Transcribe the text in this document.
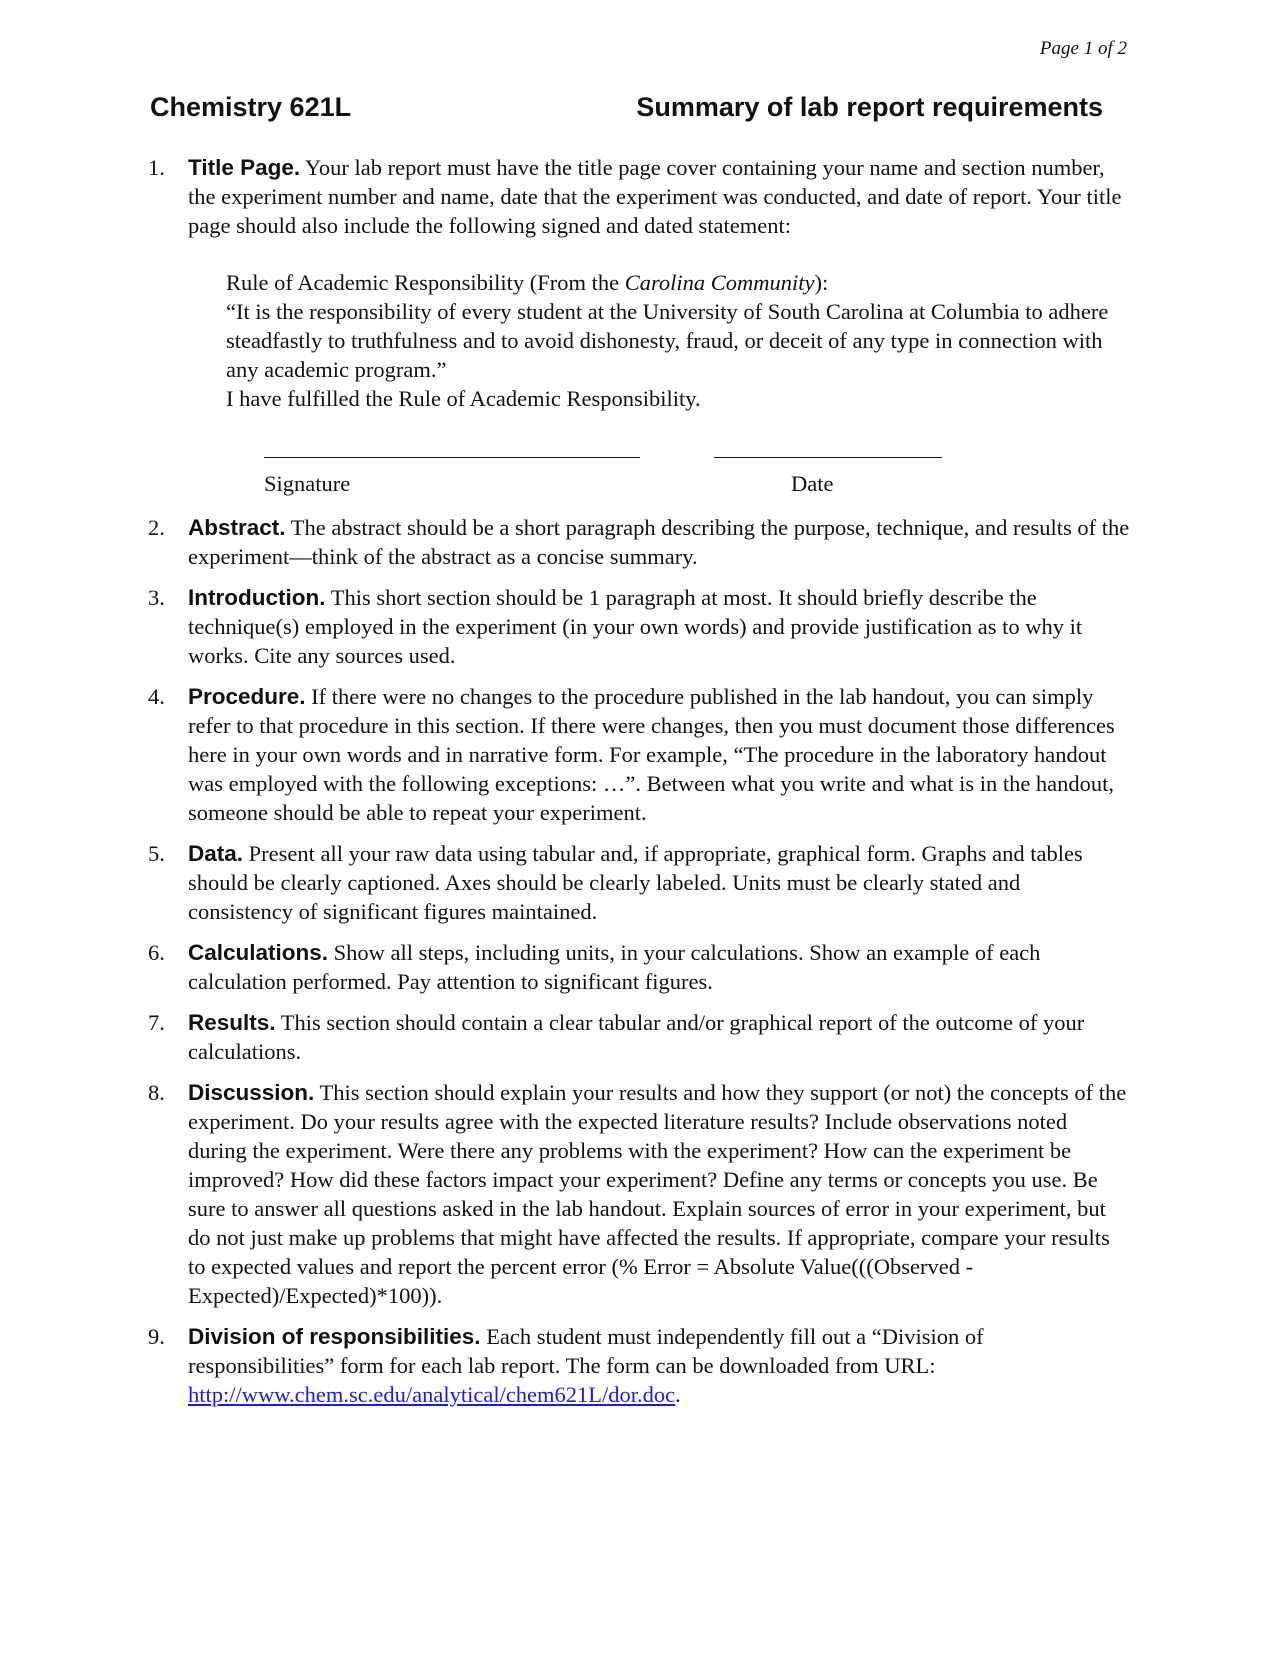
Page 1 of 2
Chemistry 621L	Summary of lab report requirements
1. Title Page. Your lab report must have the title page cover containing your name and section number, the experiment number and name, date that the experiment was conducted, and date of report. Your title page should also include the following signed and dated statement:
Rule of Academic Responsibility (From the Carolina Community):
“It is the responsibility of every student at the University of South Carolina at Columbia to adhere steadfastly to truthfulness and to avoid dishonesty, fraud, or deceit of any type in connection with any academic program.”
I have fulfilled the Rule of Academic Responsibility.
Signature	Date
2. Abstract. The abstract should be a short paragraph describing the purpose, technique, and results of the experiment—think of the abstract as a concise summary.
3. Introduction. This short section should be 1 paragraph at most. It should briefly describe the technique(s) employed in the experiment (in your own words) and provide justification as to why it works. Cite any sources used.
4. Procedure. If there were no changes to the procedure published in the lab handout, you can simply refer to that procedure in this section. If there were changes, then you must document those differences here in your own words and in narrative form. For example, “The procedure in the laboratory handout was employed with the following exceptions: …”. Between what you write and what is in the handout, someone should be able to repeat your experiment.
5. Data. Present all your raw data using tabular and, if appropriate, graphical form. Graphs and tables should be clearly captioned. Axes should be clearly labeled. Units must be clearly stated and consistency of significant figures maintained.
6. Calculations. Show all steps, including units, in your calculations. Show an example of each calculation performed. Pay attention to significant figures.
7. Results. This section should contain a clear tabular and/or graphical report of the outcome of your calculations.
8. Discussion. This section should explain your results and how they support (or not) the concepts of the experiment. Do your results agree with the expected literature results? Include observations noted during the experiment. Were there any problems with the experiment? How can the experiment be improved? How did these factors impact your experiment? Define any terms or concepts you use. Be sure to answer all questions asked in the lab handout. Explain sources of error in your experiment, but do not just make up problems that might have affected the results. If appropriate, compare your results to expected values and report the percent error (% Error = Absolute Value(((Observed - Expected)/Expected)*100)).
9. Division of responsibilities. Each student must independently fill out a “Division of responsibilities” form for each lab report. The form can be downloaded from URL: http://www.chem.sc.edu/analytical/chem621L/dor.doc.
